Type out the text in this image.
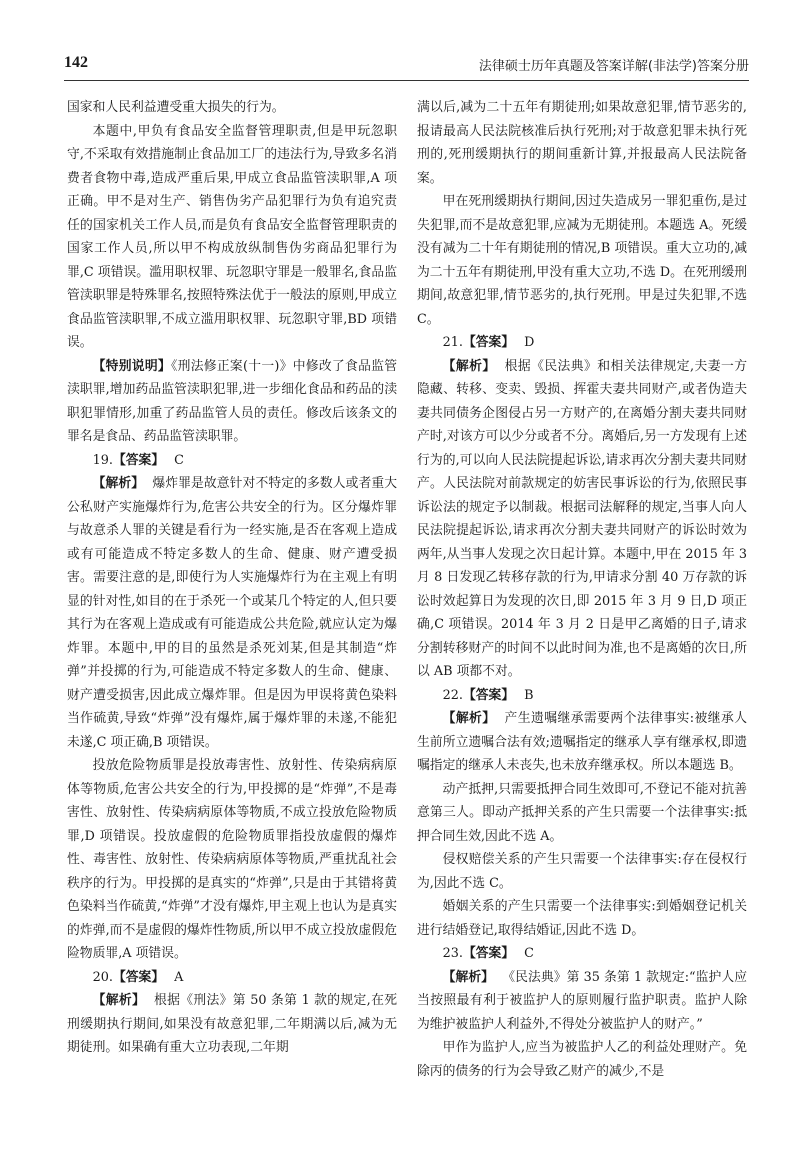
142	法律硕士历年真题及答案详解(非法学)答案分册

国家和人民利益遭受重大损失的行为。

本题中,甲负有食品安全监督管理职责,但是甲玩忽职守,不采取有效措施制止食品加工厂的违法行为,导致多名消费者食物中毒,造成严重后果,甲成立食品监管渎职罪,A 项正确。甲不是对生产、销售伪劣产品犯罪行为负有追究责任的国家机关工作人员,而是负有食品安全监督管理职责的国家工作人员,所以甲不构成放纵制售伪劣商品犯罪行为罪,C 项错误。滥用职权罪、玩忽职守罪是一般罪名,食品监管渎职罪是特殊罪名,按照特殊法优于一般法的原则,甲成立食品监管渎职罪,不成立滥用职权罪、玩忽职守罪,BD 项错误。

【特别说明】《刑法修正案(十一)》中修改了食品监管渎职罪,增加药品监管渎职犯罪,进一步细化食品和药品的渎职犯罪情形,加重了药品监管人员的责任。修改后该条文的罪名是食品、药品监管渎职罪。

19.【答案】 C

【解析】 爆炸罪是故意针对不特定的多数人或者重大公私财产实施爆炸行为,危害公共安全的行为。区分爆炸罪与故意杀人罪的关键是看行为一经实施,是否在客观上造成或有可能造成不特定多数人的生命、健康、财产遭受损害。需要注意的是,即使行为人实施爆炸行为在主观上有明显的针对性,如目的在于杀死一个或某几个特定的人,但只要其行为在客观上造成或有可能造成公共危险,就应认定为爆炸罪。本题中,甲的目的虽然是杀死刘某,但是其制造“炸弹”并投掷的行为,可能造成不特定多数人的生命、健康、财产遭受损害,因此成立爆炸罪。但是因为甲误将黄色染料当作硫黄,导致“炸弹”没有爆炸,属于爆炸罪的未遂,不能犯未遂,C 项正确,B 项错误。

投放危险物质罪是投放毒害性、放射性、传染病病原体等物质,危害公共安全的行为,甲投掷的是“炸弹”,不是毒害性、放射性、传染病病原体等物质,不成立投放危险物质罪,D 项错误。投放虚假的危险物质罪指投放虚假的爆炸性、毒害性、放射性、传染病病原体等物质,严重扰乱社会秩序的行为。甲投掷的是真实的“炸弹”,只是由于其错将黄色染料当作硫黄,“炸弹”才没有爆炸,甲主观上也认为是真实的炸弹,而不是虚假的爆炸性物质,所以甲不成立投放虚假危险物质罪,A 项错误。

20.【答案】 A

【解析】 根据《刑法》第 50 条第 1 款的规定,在死刑缓期执行期间,如果没有故意犯罪,二年期满以后,减为无期徒刑。如果确有重大立功表现,二年期

满以后,减为二十五年有期徒刑;如果故意犯罪,情节恶劣的,报请最高人民法院核准后执行死刑;对于故意犯罪未执行死刑的,死刑缓期执行的期间重新计算,并报最高人民法院备案。

甲在死刑缓期执行期间,因过失造成另一罪犯重伤,是过失犯罪,而不是故意犯罪,应减为无期徒刑。本题选 A。死缓没有减为二十年有期徒刑的情况,B 项错误。重大立功的,减为二十五年有期徒刑,甲没有重大立功,不选 D。在死刑缓刑期间,故意犯罪,情节恶劣的,执行死刑。甲是过失犯罪,不选 C。

21.【答案】 D

【解析】 根据《民法典》和相关法律规定,夫妻一方隐藏、转移、变卖、毁损、挥霍夫妻共同财产,或者伪造夫妻共同债务企图侵占另一方财产的,在离婚分割夫妻共同财产时,对该方可以少分或者不分。离婚后,另一方发现有上述行为的,可以向人民法院提起诉讼,请求再次分割夫妻共同财产。人民法院对前款规定的妨害民事诉讼的行为,依照民事诉讼法的规定予以制裁。根据司法解释的规定,当事人向人民法院提起诉讼,请求再次分割夫妻共同财产的诉讼时效为两年,从当事人发现之次日起计算。本题中,甲在 2015 年 3 月 8 日发现乙转移存款的行为,甲请求分割 40 万存款的诉讼时效起算日为发现的次日,即 2015 年 3 月 9 日,D 项正确,C 项错误。2014 年 3 月 2 日是甲乙离婚的日子,请求分割转移财产的时间不以此时间为准,也不是离婚的次日,所以 AB 项都不对。

22.【答案】 B

【解析】 产生遗嘱继承需要两个法律事实:被继承人生前所立遗嘱合法有效;遗嘱指定的继承人享有继承权,即遗嘱指定的继承人未丧失,也未放弃继承权。所以本题选 B。

动产抵押,只需要抵押合同生效即可,不登记不能对抗善意第三人。即动产抵押关系的产生只需要一个法律事实:抵押合同生效,因此不选 A。

侵权赔偿关系的产生只需要一个法律事实:存在侵权行为,因此不选 C。

婚姻关系的产生只需要一个法律事实:到婚姻登记机关进行结婚登记,取得结婚证,因此不选 D。

23.【答案】 C

【解析】 《民法典》第 35 条第 1 款规定:“监护人应当按照最有利于被监护人的原则履行监护职责。监护人除为维护被监护人利益外,不得处分被监护人的财产。”

甲作为监护人,应当为被监护人乙的利益处理财产。免除丙的债务的行为会导致乙财产的减少,不是
